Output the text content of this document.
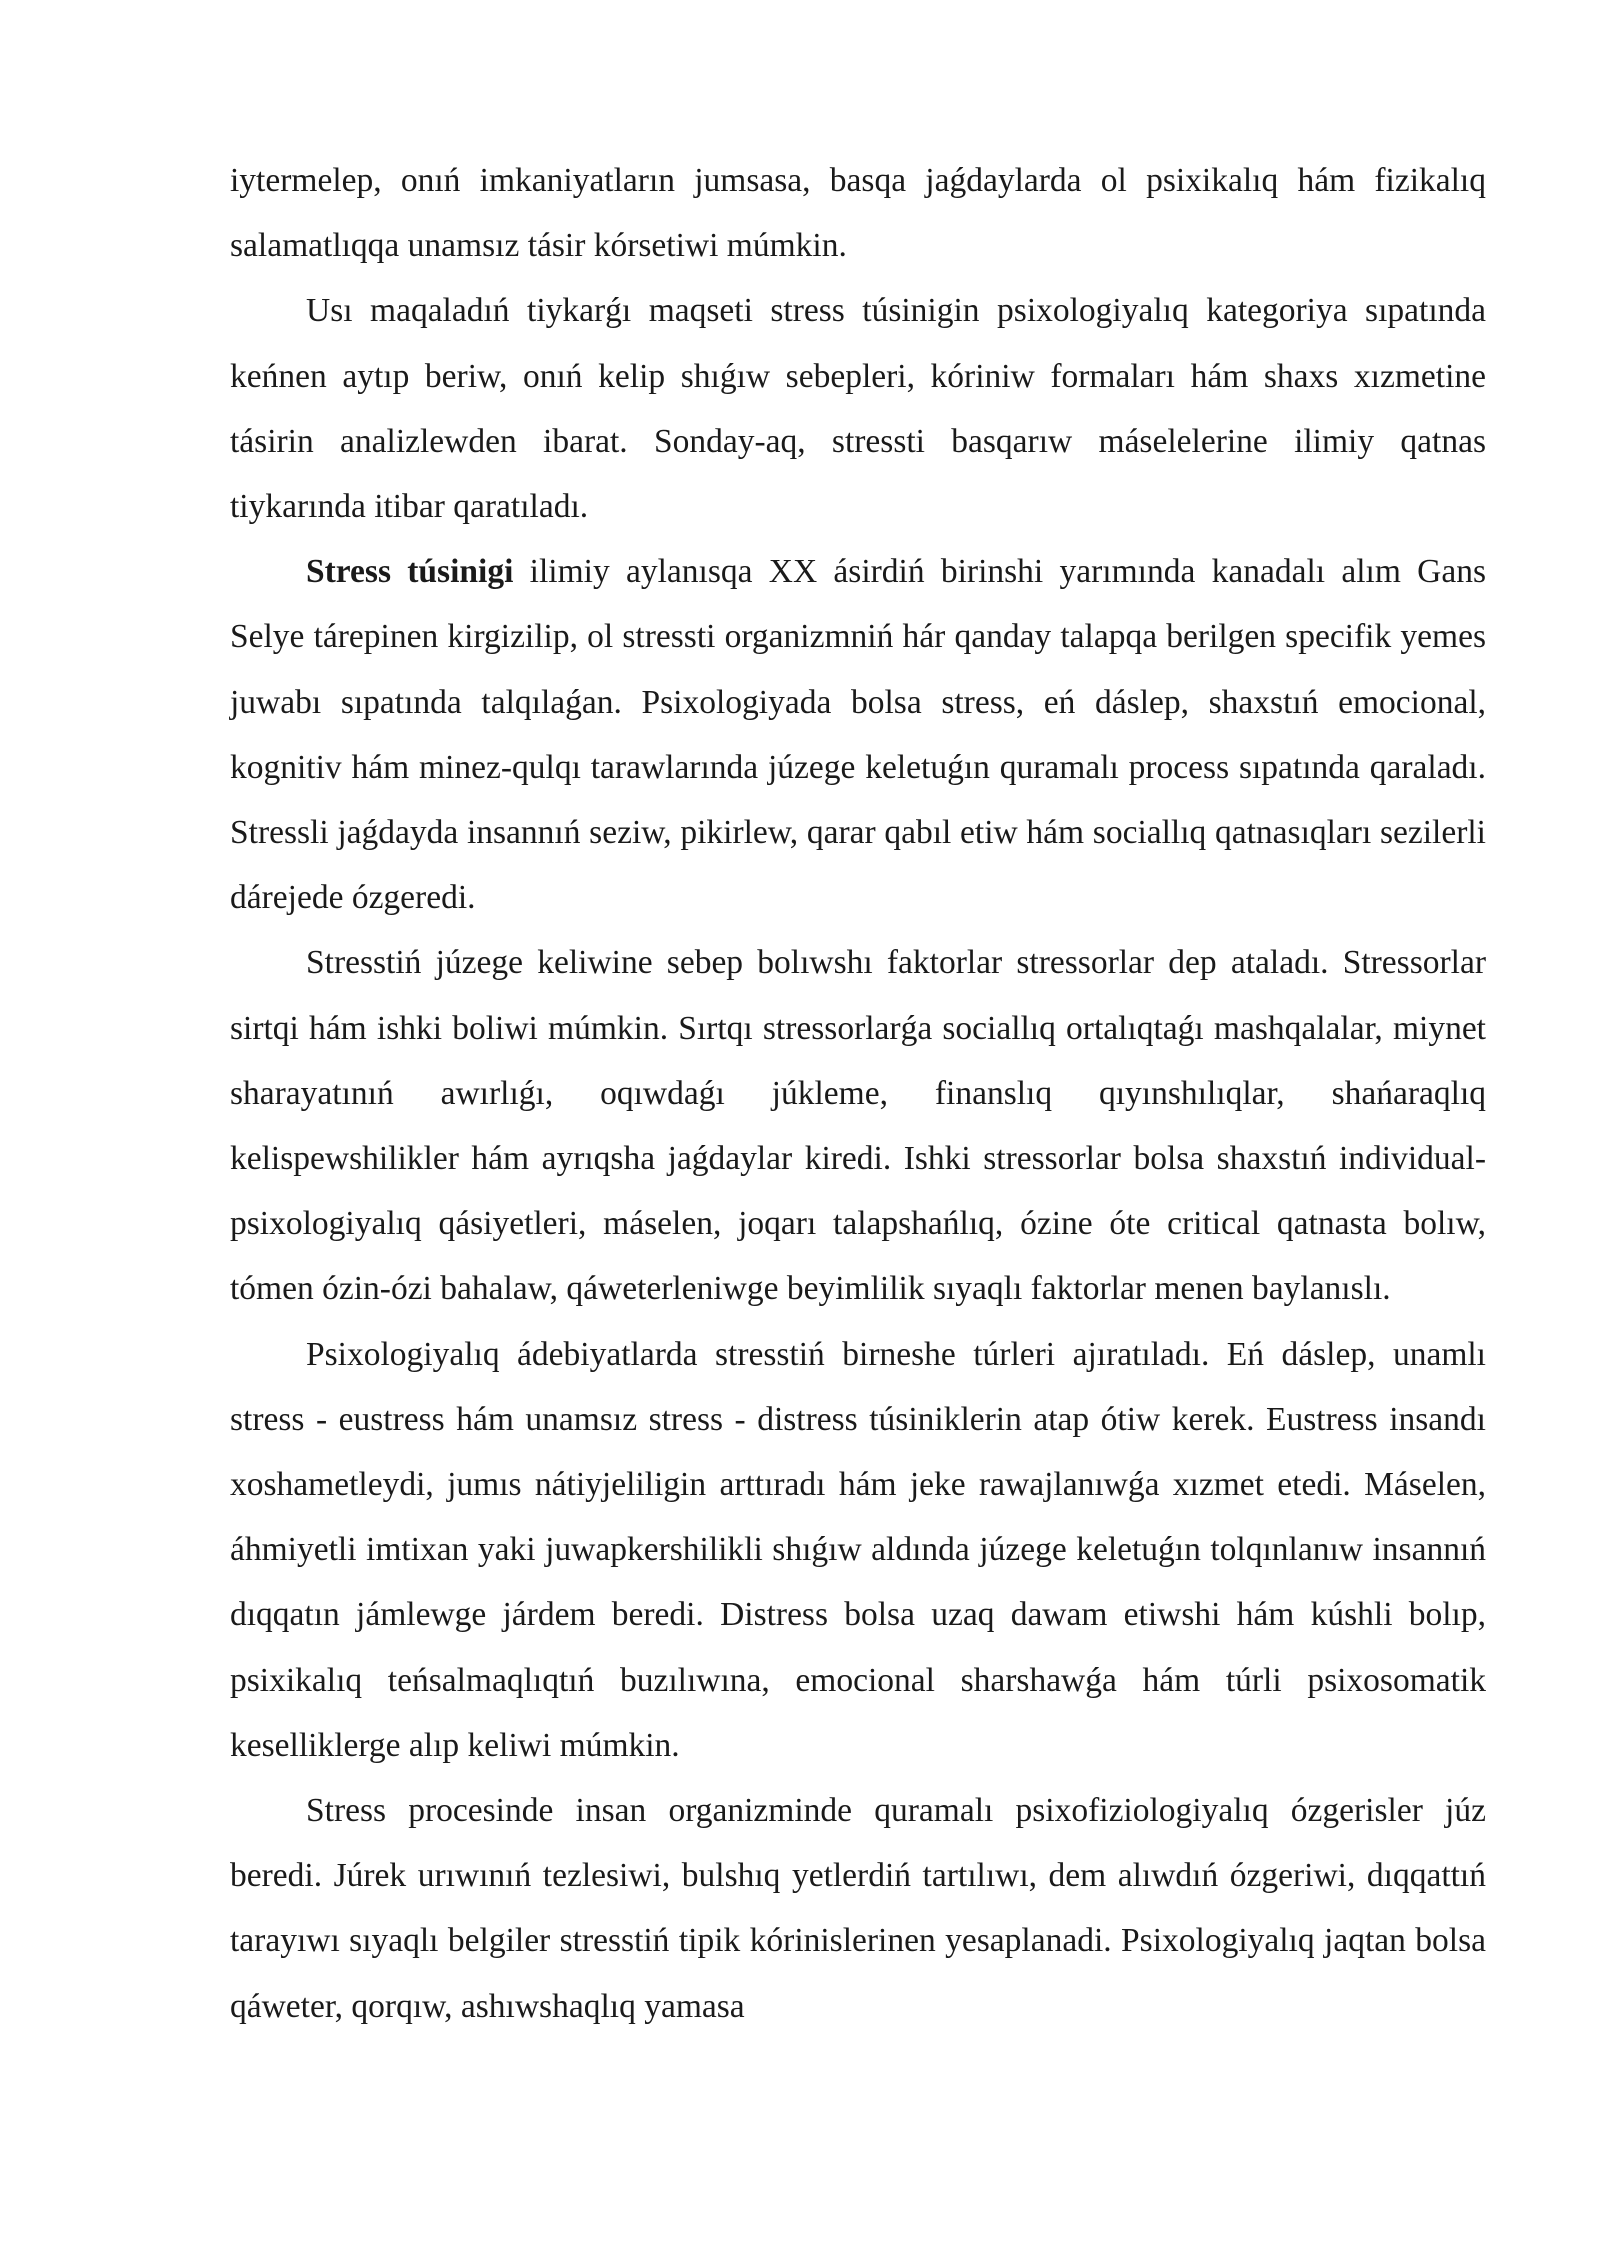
iytermelep, onıń imkaniyatların jumsasa, basqa jaǵdaylarda ol psixikalıq hám fizikalıq salamatlıqqa unamsız tásir kórsetiwi múmkin.

Usı maqaladıń tiykarǵı maqseti stress túsinigin psixologiyalıq kategoriya sıpatında keńnen aytıp beriw, onıń kelip shıǵıw sebepleri, kóriniw formaları hám shaxs xızmetine tásirin analizlewden ibarat. Sonday-aq, stressti basqarıw máselelerine ilimiy qatnas tiykarında itibar qaratıladı.

Stress túsinigi ilimiy aylanısqa XX ásirdiń birinshi yarımında kanadalı alım Gans Selye tárepinen kirgizilip, ol stressti organizmniń hár qanday talapqa berilgen specifik yemes juwabı sıpatında talqılaǵan. Psixologiyada bolsa stress, eń dáslep, shaxstıń emocional, kognitiv hám minez-qulqı tarawlarında júzege keletuǵın quramalı process sıpatında qaraladı. Stressli jaǵdayda insannıń seziw, pikirlew, qarar qabıl etiw hám sociallıq qatnasıqları sezilerli dárejede ózgeredi.

Stresstiń júzege keliwine sebep bolıwshı faktorlar stressorlar dep ataladı. Stressorlar sirtqi hám ishki boliwi múmkin. Sırtqı stressorlarǵa sociallıq ortalıqtaǵı mashqalalar, miynet sharayatınıń awırlıǵı, oqıwdaǵı júkleme, finanslıq qıyınshılıqlar, shańaraqlıq kelispewshilikler hám ayrıqsha jaǵdaylar kiredi. Ishki stressorlar bolsa shaxstıń individual-psixologiyalıq qásiyetleri, máselen, joqarı talapshańlıq, ózine óte critical qatnasta bolıw, tómen ózin-ózi bahalaw, qáweterleniwge beyimlilik sıyaqlı faktorlar menen baylanıslı.

Psixologiyalıq ádebiyatlarda stresstiń birneshe túrleri ajıratıladı. Eń dáslep, unamlı stress - eustress hám unamsız stress - distress túsiniklerin atap ótiw kerek. Eustress insandı xoshametleydi, jumıs nátiyjeliligin arttıradı hám jeke rawajlanıwǵa xızmet etedi. Máselen, áhmiyetli imtixan yaki juwapkershilikli shıǵıw aldında júzege keletuǵın tolqınlanıw insannıń dıqqatın jámlewge járdem beredi. Distress bolsa uzaq dawam etiwshi hám kúshli bolıp, psixikalıq teńsalmaqlıqtıń buzılıwına, emocional sharshawǵa hám túrli psixosomatik keselliklerge alıp keliwi múmkin.

Stress procesinde insan organizminde quramalı psixofiziologiyalıq ózgerisler júz beredi. Júrek urıwınıń tezlesiwi, bulshıq yetlerdiń tartılıwı, dem alıwdıń ózgeriwi, dıqqattıń tarayıwı sıyaqlı belgiler stresstiń tipik kórinislerinen yesaplanadi. Psixologiyalıq jaqtan bolsa qáweter, qorqıw, ashıwshaqlıq yamasa
